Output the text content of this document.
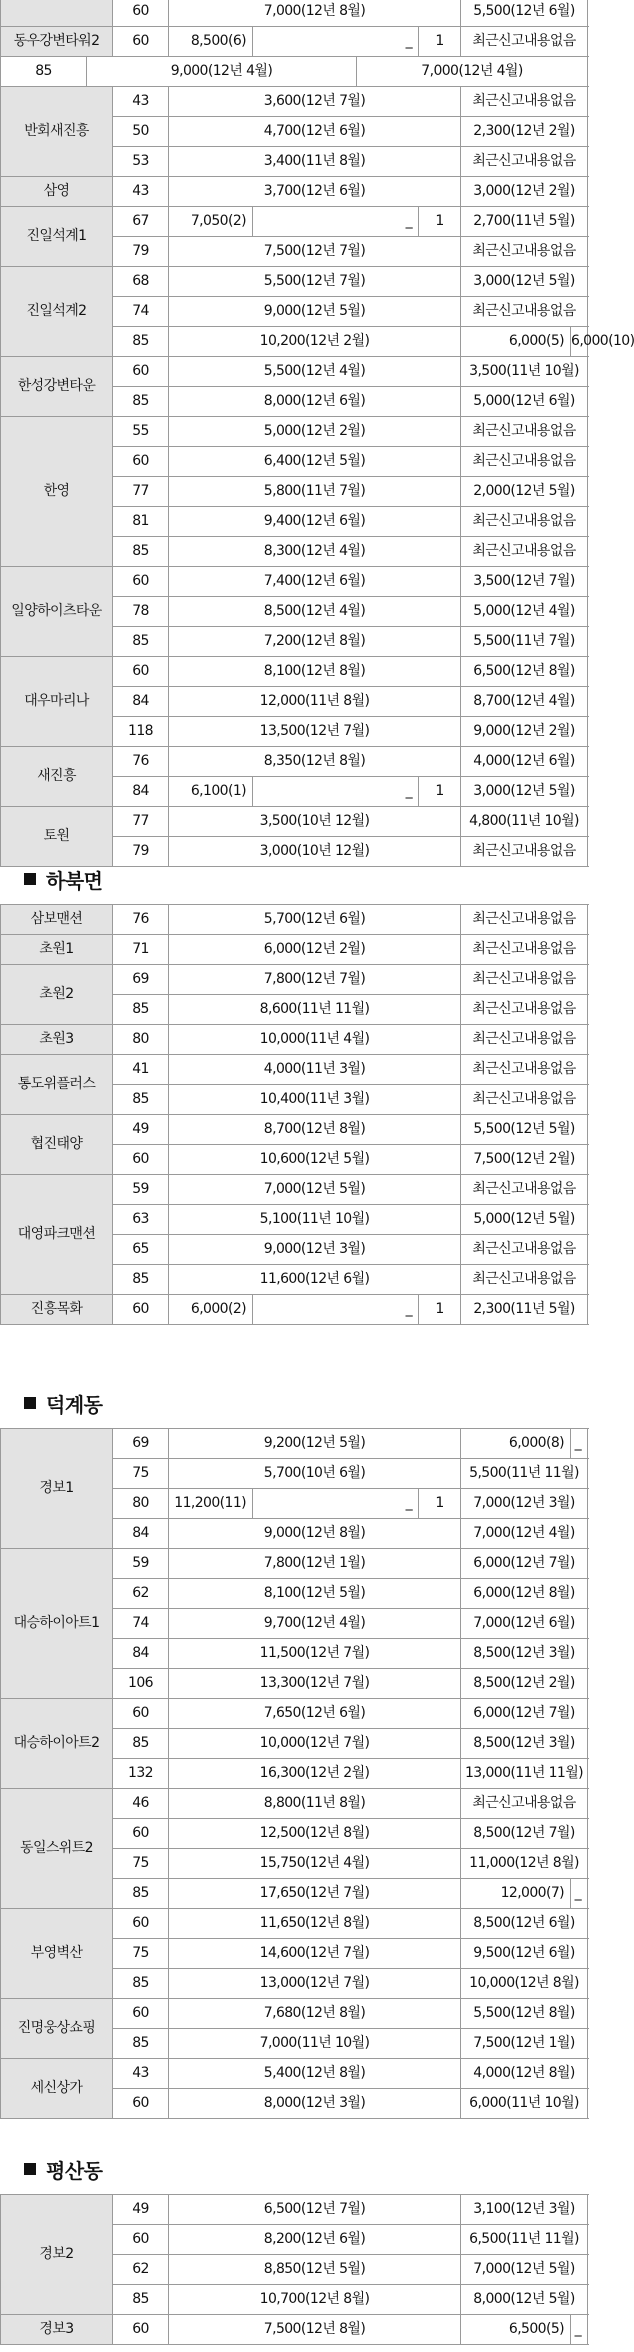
		60	7,000(12년 8월)				5,500(12년 6월)		
동우강변타워2		60	8,500(6)	_		1	최근신고내용없음		
85	9,000(12년 4월)				7,000(12년 4월)				
반회새진흥		43	3,600(12년 7월)				최근신고내용없음		
		50	4,700(12년 6월)				2,300(12년 2월)		
		53	3,400(11년 8월)				최근신고내용없음		
삼영		43	3,700(12년 6월)				3,000(12년 2월)		
진일석계1		67	7,050(2)	_		1	2,700(11년 5월)		
		79	7,500(12년 7월)				최근신고내용없음		
진일석계2		68	5,500(12년 7월)				3,000(12년 5월)		
		74	9,000(12년 5월)				최근신고내용없음		
		85	10,200(12년 2월)				6,000(5)	6,000(10)	
한성강변타운		60	5,500(12년 4월)				3,500(11년 10월)		
		85	8,000(12년 6월)				5,000(12년 6월)		
한영		55	5,000(12년 2월)				최근신고내용없음		
		60	6,400(12년 5월)				최근신고내용없음		
		77	5,800(11년 7월)				2,000(12년 5월)		
		81	9,400(12년 6월)				최근신고내용없음		
		85	8,300(12년 4월)				최근신고내용없음		
일양하이츠타운		60	7,400(12년 6월)				3,500(12년 7월)		
		78	8,500(12년 4월)				5,000(12년 4월)		
		85	7,200(12년 8월)				5,500(11년 7월)		
대우마리나		60	8,100(12년 8월)				6,500(12년 8월)		
		84	12,000(11년 8월)				8,700(12년 4월)		
		118	13,500(12년 7월)				9,000(12년 2월)		
새진흥		76	8,350(12년 8월)				4,000(12년 6월)		
		84	6,100(1)	_		1	3,000(12년 5월)		
토원		77	3,500(10년 12월)				4,800(11년 10월)		
		79	3,000(10년 12월)				최근신고내용없음		
하북면
삼보맨션	76	5,700(12년 6월)			최근신고내용없음
초원1	71	6,000(12년 2월)			최근신고내용없음
초원2	69	7,800(12년 7월)			최근신고내용없음
	85	8,600(11년 11월)			최근신고내용없음
초원3	80	10,000(11년 4월)			최근신고내용없음
통도위플러스	41	4,000(11년 3월)			최근신고내용없음
	85	10,400(11년 3월)			최근신고내용없음
협진태양	49	8,700(12년 8월)			5,500(12년 5월)
	60	10,600(12년 5월)			7,500(12년 2월)
대영파크맨션	59	7,000(12년 5월)			최근신고내용없음
	63	5,100(11년 10월)			5,000(12년 5월)
	65	9,000(12년 3월)			최근신고내용없음
	85	11,600(12년 6월)			최근신고내용없음
진흥목화	60	6,000(2)	_	1	2,300(11년 5월)
덕계동
경보1	69	9,200(12년 5월)			6,000(8)	_	
	75	5,700(10년 6월)			5,500(11년 11월)		
	80	11,200(11)	_	1	7,000(12년 3월)		
	84	9,000(12년 8월)			7,000(12년 4월)		
대승하이아트1	59	7,800(12년 1월)			6,000(12년 7월)		
	62	8,100(12년 5월)			6,000(12년 8월)		
	74	9,700(12년 4월)			7,000(12년 6월)		
	84	11,500(12년 7월)			8,500(12년 3월)		
	106	13,300(12년 7월)			8,500(12년 2월)		
대승하이아트2	60	7,650(12년 6월)			6,000(12년 7월)		
	85	10,000(12년 7월)			8,500(12년 3월)		
	132	16,300(12년 2월)			13,000(11년 11월)		
동일스위트2	46	8,800(11년 8월)			최근신고내용없음		
	60	12,500(12년 8월)			8,500(12년 7월)		
	75	15,750(12년 4월)			11,000(12년 8월)		
	85	17,650(12년 7월)			12,000(7)	_	
부영벽산	60	11,650(12년 8월)			8,500(12년 6월)		
	75	14,600(12년 7월)			9,500(12년 6월)		
	85	13,000(12년 7월)			10,000(12년 8월)		
진명웅상쇼핑	60	7,680(12년 8월)			5,500(12년 8월)		
	85	7,000(11년 10월)			7,500(12년 1월)		
세신상가	43	5,400(12년 8월)			4,000(12년 8월)		
	60	8,000(12년 3월)			6,000(11년 10월)		
평산동
경보2	49	6,500(12년 7월)	3,100(12년 3월)		
	60	8,200(12년 6월)	6,500(11년 11월)		
	62	8,850(12년 5월)	7,000(12년 5월)		
	85	10,700(12년 8월)	8,000(12년 5월)		
경보3	60	7,500(12년 8월)	6,500(5)	_	
